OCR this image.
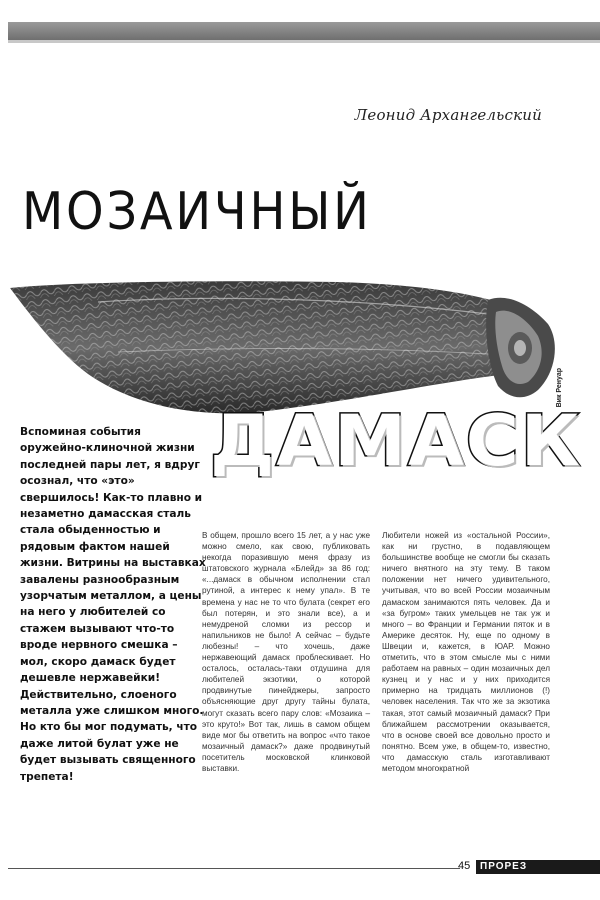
Леонид Архангельский
МОЗАИЧНЫЙ
Вик Ренуар
ДАМАСК
Вспоминая события оружейно-клиночной жизни последней пары лет, я вдруг осознал, что «это» свершилось! Как-то плавно и незаметно дамасская сталь стала обыденностью и рядовым фактом нашей жизни. Витрины на выставках завалены разнообразным узорчатым металлом, а цены на него у любителей со стажем вызывают что-то вроде нервного смешка – мол, скоро дамаск будет дешевле нержавейки! Действительно, слоеного металла уже слишком много. Но кто бы мог подумать, что даже литой булат уже не будет вызывать священного трепета!

В общем, прошло всего 15 лет, а у нас уже можно смело, как свою, публиковать некогда поразившую меня фразу из штатовского журнала «Блейд» за 86 год: «...дамаск в обычном исполнении стал рутиной, а интерес к нему упал». В те времена у нас не то что булата (секрет его был потерян, и это знали все), а и немудреной сломки из рессор и напильников не было! А сейчас – будьте любезны! – что хочешь, даже нержавеющий дамаск проблескивает. Но осталось, осталась-таки отдушина для любителей экзотики, о которой продвинутые пинейджеры, запросто объясняющие друг другу тайны булата, могут сказать всего пару слов: «Мозаика – это круто!» Вот так, лишь в самом общем виде мог бы ответить на вопрос «что такое мозаичный дамаск?» даже продвинутый посетитель московской клинковой выставки.

Любители ножей из «остальной России», как ни грустно, в подавляющем большинстве вообще не смогли бы сказать ничего внятного на эту тему. В таком положении нет ничего удивительного, учитывая, что во всей России мозаичным дамаском занимаются пять человек. Да и «за бугром» таких умельцев не так уж и много – во Франции и Германии пяток и в Америке десяток. Ну, еще по одному в Швеции и, кажется, в ЮАР. Можно отметить, что в этом смысле мы с ними работаем на равных – один мозаичных дел кузнец и у нас и у них приходится примерно на тридцать миллионов (!) человек населения. Так что же за экзотика такая, этот самый мозаичный дамаск? При ближайшем рассмотрении оказывается, что в основе своей все довольно просто и понятно. Всем уже, в общем-то, известно, что дамасскую сталь изготавливают методом многократной

45 ПРОРЕЗ
